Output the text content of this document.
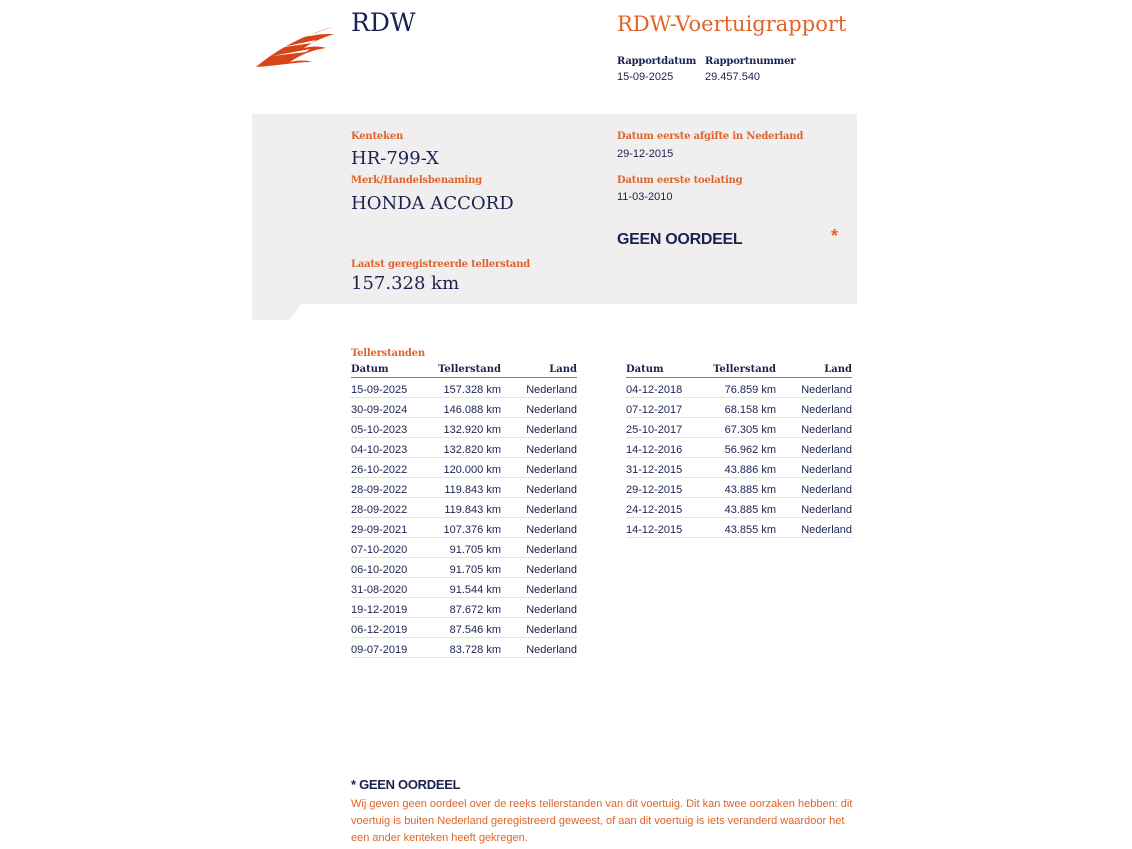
RDW	RDW-Voertuigrapport
Rapportdatum
15-09-2025
Rapportnummer
29.457.540
Kenteken
HR-799-X
Merk/Handelsbenaming
HONDA ACCORD
Datum eerste afgifte in Nederland
29-12-2015
Datum eerste toelating
11-03-2010
GEEN OORDEEL	*
Laatst geregistreerde tellerstand
157.328 km
Tellerstanden
Datum	Tellerstand	Land
15-09-2025	157.328 km	Nederland
30-09-2024	146.088 km	Nederland
05-10-2023	132.920 km	Nederland
04-10-2023	132.820 km	Nederland
26-10-2022	120.000 km	Nederland
28-09-2022	119.843 km	Nederland
28-09-2022	119.843 km	Nederland
29-09-2021	107.376 km	Nederland
07-10-2020	91.705 km	Nederland
06-10-2020	91.705 km	Nederland
31-08-2020	91.544 km	Nederland
19-12-2019	87.672 km	Nederland
06-12-2019	87.546 km	Nederland
09-07-2019	83.728 km	Nederland
Datum	Tellerstand	Land
04-12-2018	76.859 km	Nederland
07-12-2017	68.158 km	Nederland
25-10-2017	67.305 km	Nederland
14-12-2016	56.962 km	Nederland
31-12-2015	43.886 km	Nederland
29-12-2015	43.885 km	Nederland
24-12-2015	43.885 km	Nederland
14-12-2015	43.855 km	Nederland
* GEEN OORDEEL
Wij geven geen oordeel over de reeks tellerstanden van dit voertuig. Dit kan twee oorzaken hebben: dit voertuig is buiten Nederland geregistreerd geweest, of aan dit voertuig is iets veranderd waardoor het een ander kenteken heeft gekregen.
